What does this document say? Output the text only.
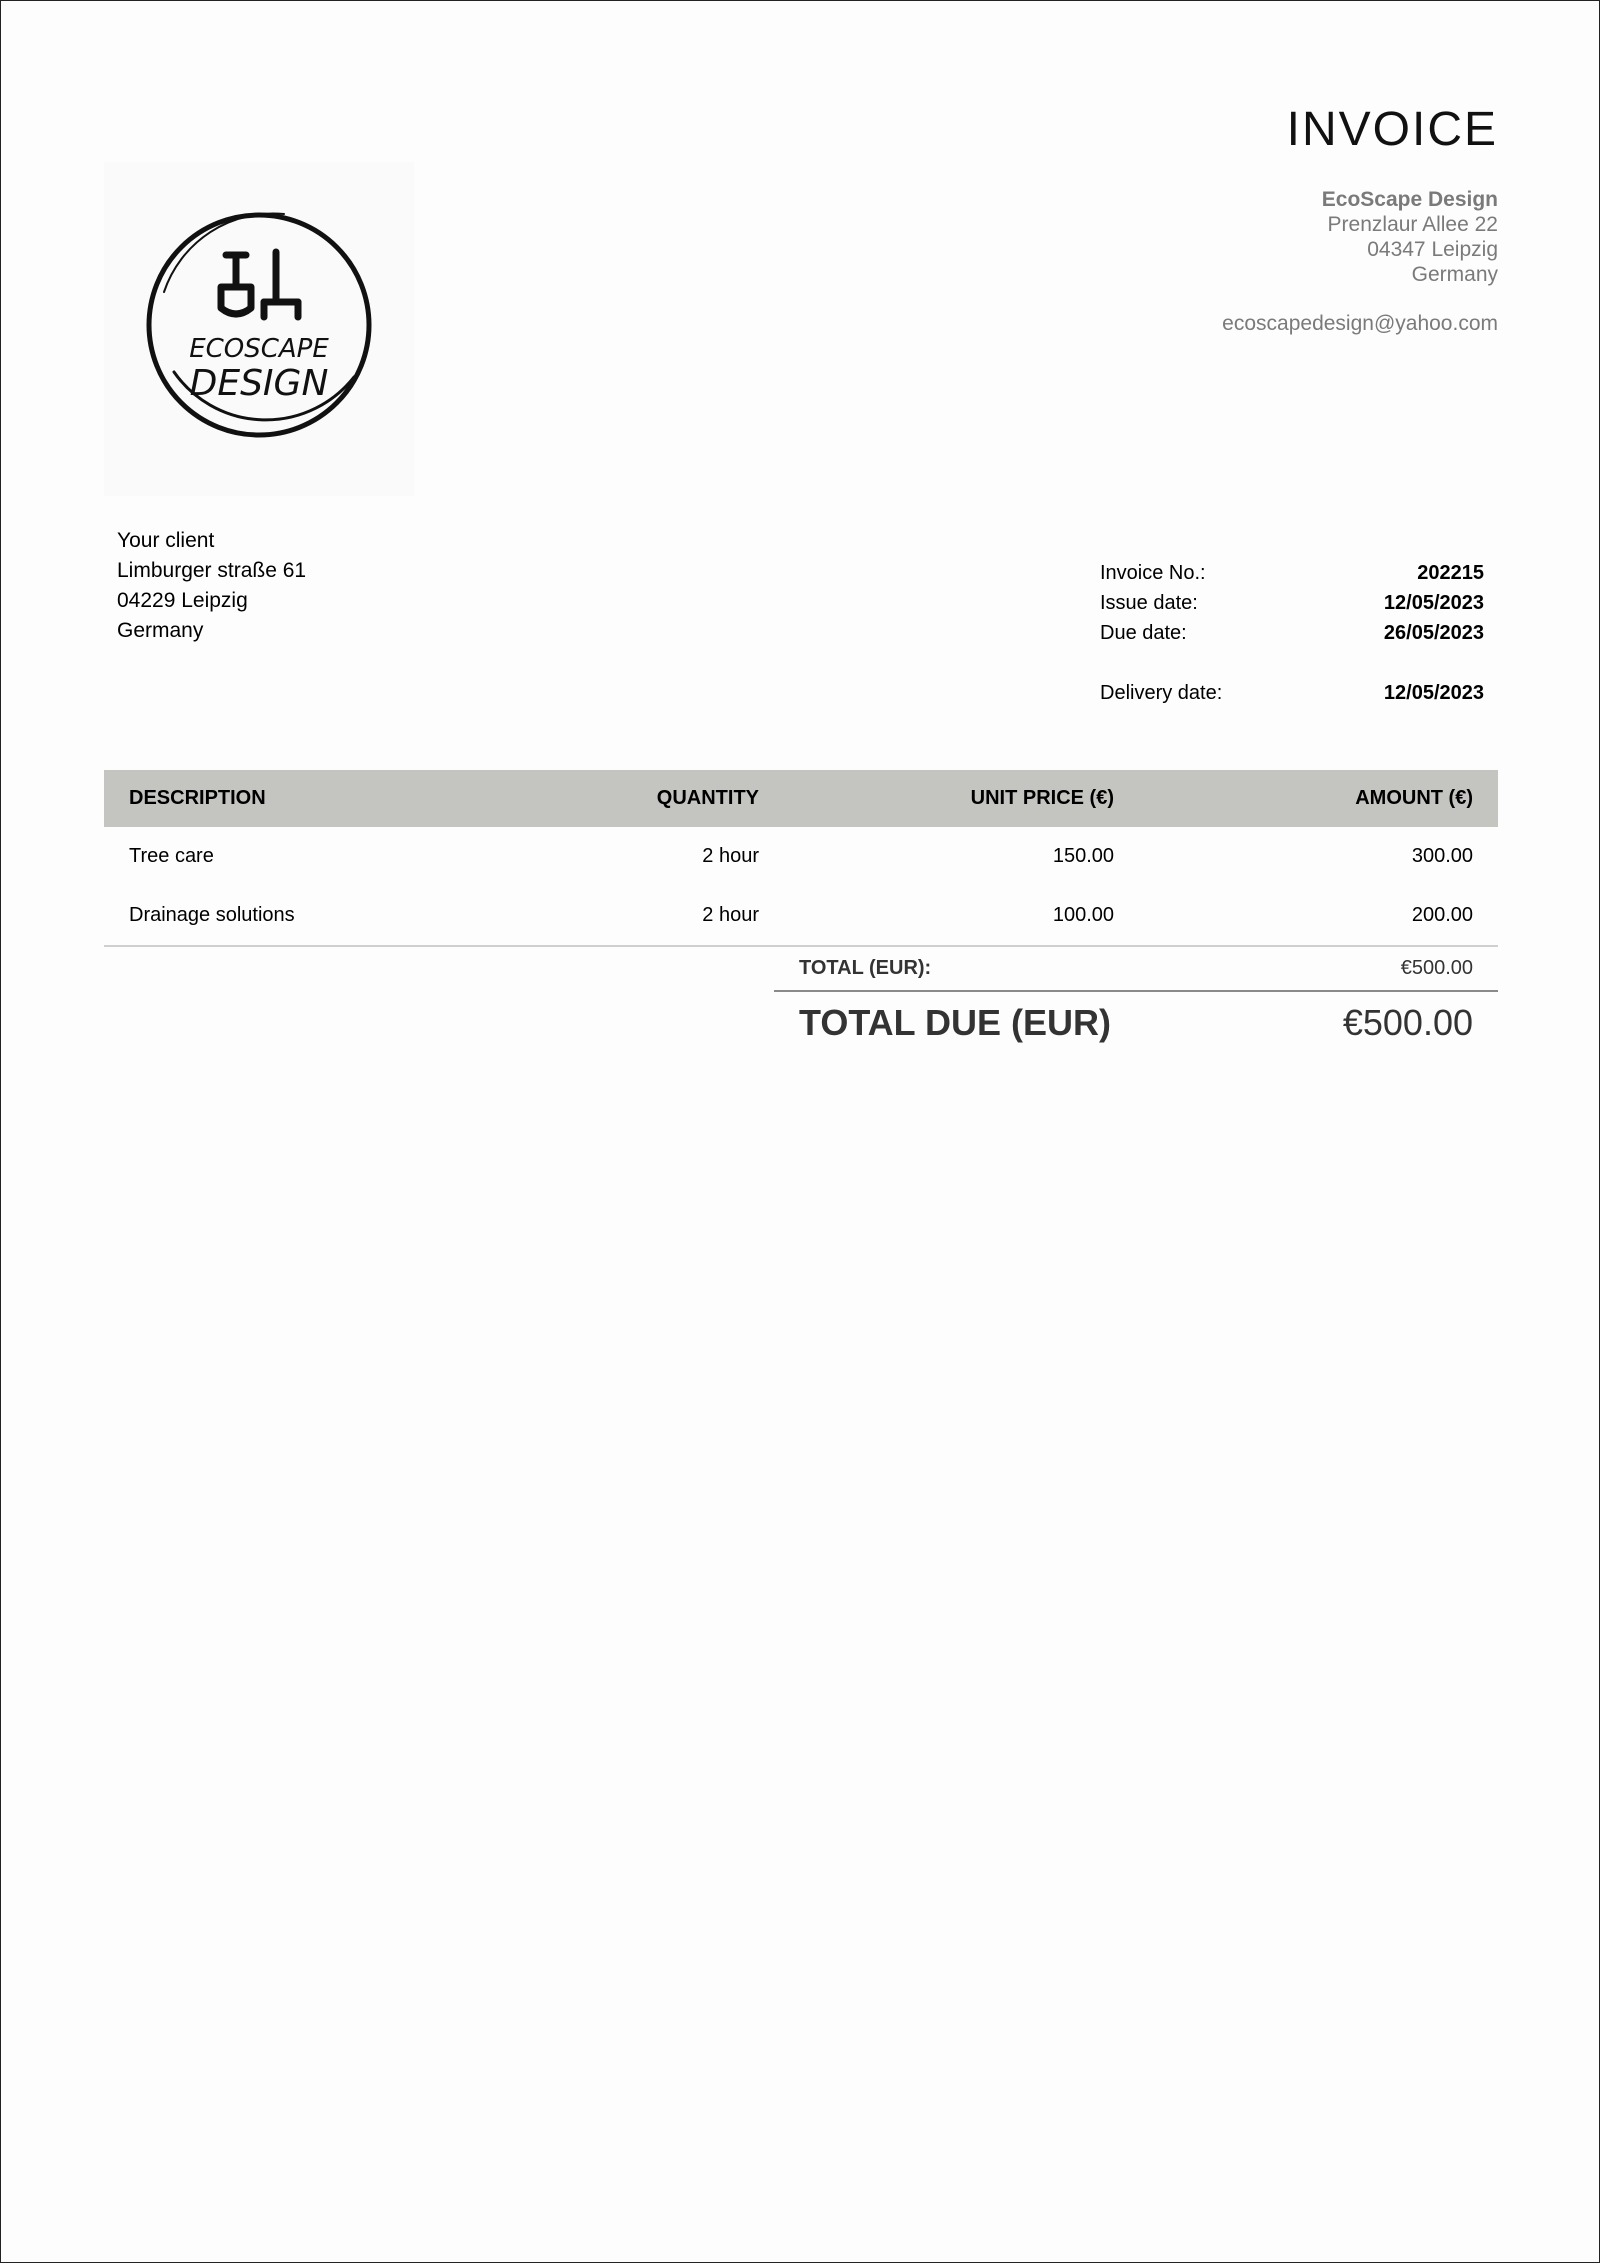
INVOICE
ECOSCAPE
DESIGN
EcoScape Design
Prenzlaur Allee 22
04347 Leipzig
Germany
ecoscapedesign@yahoo.com
Your client
Limburger straße 61
04229 Leipzig
Germany
Invoice No.:	202215
Issue date:	12/05/2023
Due date:	26/05/2023
Delivery date:	12/05/2023
DESCRIPTION	QUANTITY	UNIT PRICE (€)	AMOUNT (€)
Tree care	2 hour	150.00	300.00
Drainage solutions	2 hour	100.00	200.00
TOTAL (EUR):	€500.00
TOTAL DUE (EUR)	€500.00
